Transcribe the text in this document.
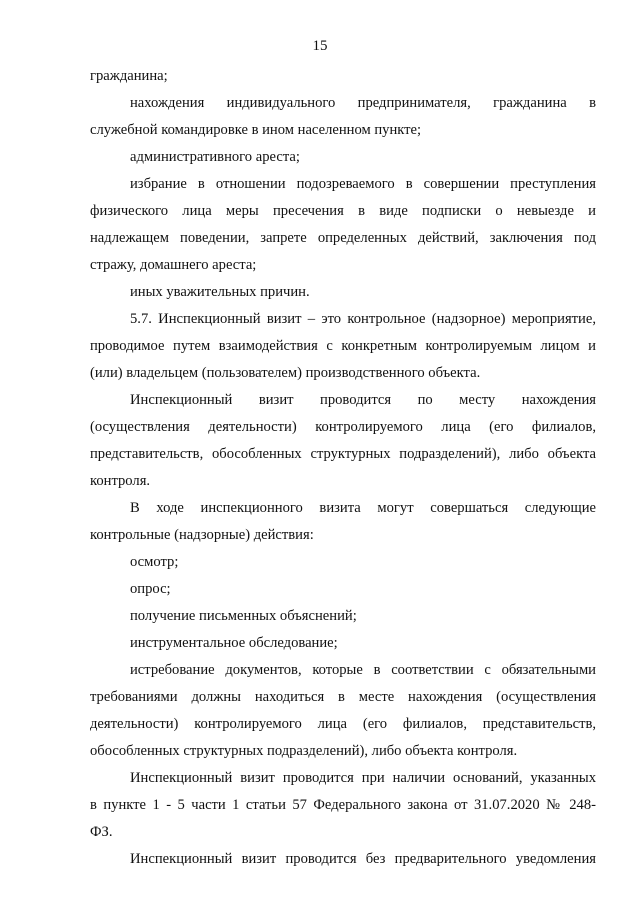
15
гражданина;
нахождения индивидуального предпринимателя, гражданина в
служебной командировке в ином населенном пункте;
административного ареста;
избрание в отношении подозреваемого в совершении преступления
физического лица меры пресечения в виде подписки о невыезде и
надлежащем поведении, запрете определенных действий, заключения под
стражу, домашнего ареста;
иных уважительных причин.
5.7. Инспекционный визит – это контрольное (надзорное) мероприятие,
проводимое путем взаимодействия с конкретным контролируемым лицом и
(или) владельцем (пользователем) производственного объекта.
Инспекционный визит проводится по месту нахождения
(осуществления деятельности) контролируемого лица (его филиалов,
представительств, обособленных структурных подразделений), либо объекта
контроля.
В ходе инспекционного визита могут совершаться следующие
контрольные (надзорные) действия:
осмотр;
опрос;
получение письменных объяснений;
инструментальное обследование;
истребование документов, которые в соответствии с обязательными
требованиями должны находиться в месте нахождения (осуществления
деятельности) контролируемого лица (его филиалов, представительств,
обособленных структурных подразделений), либо объекта контроля.
Инспекционный визит проводится при наличии оснований, указанных
в пункте 1 - 5 части 1 статьи 57 Федерального закона от 31.07.2020 № 248-
ФЗ.
Инспекционный визит проводится без предварительного уведомления
